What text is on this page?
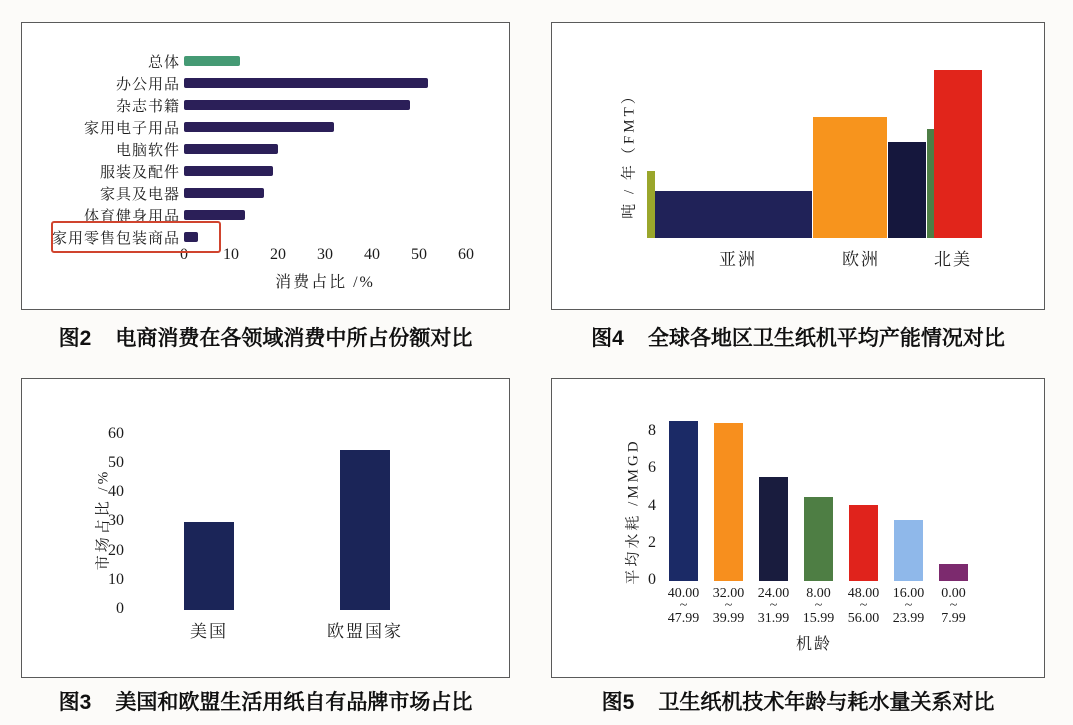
总体
办公用品
杂志书籍
家用电子用品
电脑软件
服装及配件
家具及电器
体育健身用品
家用零售包装商品
0	10	20	30	40	50	60
消费占比 /%
图2 电商消费在各领域消费中所占份额对比
亚洲	欧洲	北美
吨 / 年（FMT）
图4 全球各地区卫生纸机平均产能情况对比
美国	欧盟国家
0
10
20
30
40
50
60
市场占比 /%
图3 美国和欧盟生活用纸自有品牌市场占比
40.00
~
47.99
32.00
~
39.99
24.00
~
31.99
8.00
~
15.99
48.00
~
56.00
16.00
~
23.99
0.00
~
7.99
0
2
4
6
8
机龄
平均水耗 /MMGD
图5 卫生纸机技术年龄与耗水量关系对比
